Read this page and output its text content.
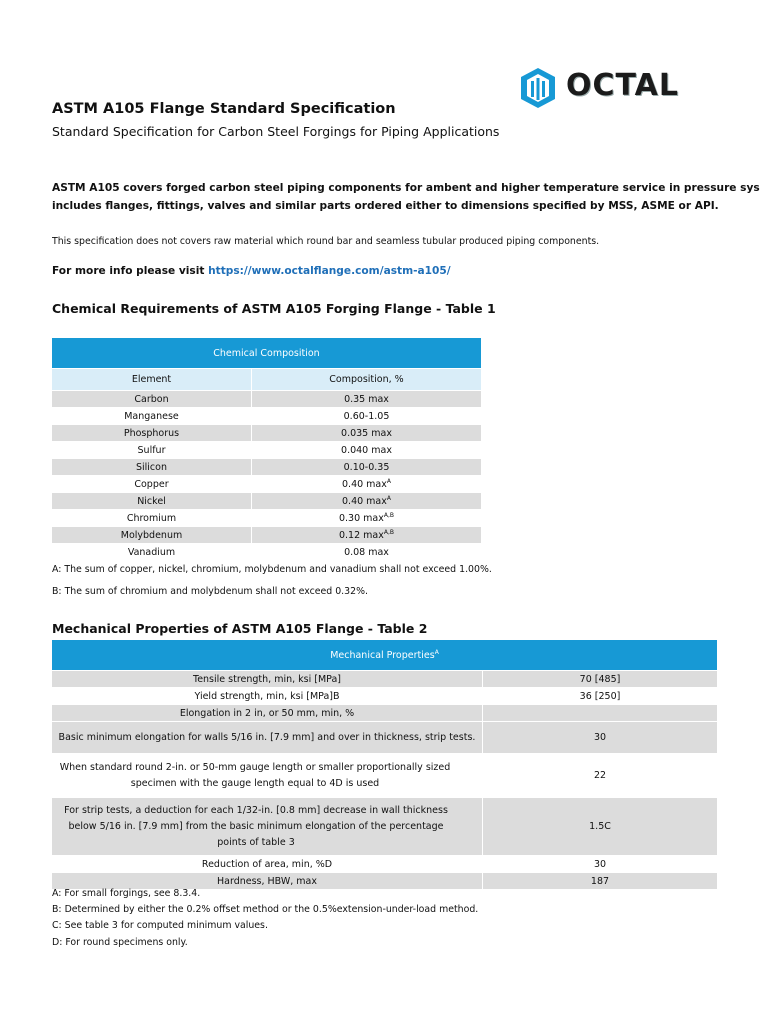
OCTAL
ASTM A105 Flange Standard Specification
Standard Specification for Carbon Steel Forgings for Piping Applications
ASTM A105 covers forged carbon steel piping components for ambent and higher temperature service in pressure sys
includes flanges, fittings, valves and similar parts ordered either to dimensions specified by MSS, ASME or API.
This specification does not covers raw material which round bar and seamless tubular produced piping components.
For more info please visit https://www.octalflange.com/astm-a105/
Chemical Requirements of ASTM A105 Forging Flange - Table 1
Chemical Composition	
Element	Composition, %
Carbon	0.35 max
Manganese	0.60-1.05
Phosphorus	0.035 max
Sulfur	0.040 max
Silicon	0.10-0.35
Copper	0.40 $\max^A$
Nickel	0.40 $\max^A$
Chromium	0.30 $\max^{A,B}$
Molybdenum	0.12 $\max^{A,B}$
Vanadium	0.08 max
A: The sum of copper, nickel, chromium, molybdenum and vanadium shall not exceed 1.00%.
B: The sum of chromium and molybdenum shall not exceed 0.32%.
Mechanical Properties of ASTM A105 Flange - Table 2
Mechanical Properties$^A$
Tensile strength, min, ksi [MPa]	70 [485]
Yield strength, min, ksi [MPa]B	36 [250]
Elongation in 2 in, or 50 mm, min, %	
Basic minimum elongation for walls 5/16 in. [7.9 mm] and over in thickness, strip tests.	30
When standard round 2-in. or 50-mm gauge length or smaller proportionally sized specimen with the gauge length equal to 4D is used	22
For strip tests, a deduction for each 1/32-in. [0.8 mm] decrease in wall thickness below 5/16 in. [7.9 mm] from the basic minimum elongation of the percentage points of table 3	1.5C
Reduction of area, min, %D	30
Hardness, HBW, max	187
A: For small forgings, see 8.3.4.
B: Determined by either the 0.2% offset method or the 0.5%extension-under-load method.
C: See table 3 for computed minimum values.
D: For round specimens only.
